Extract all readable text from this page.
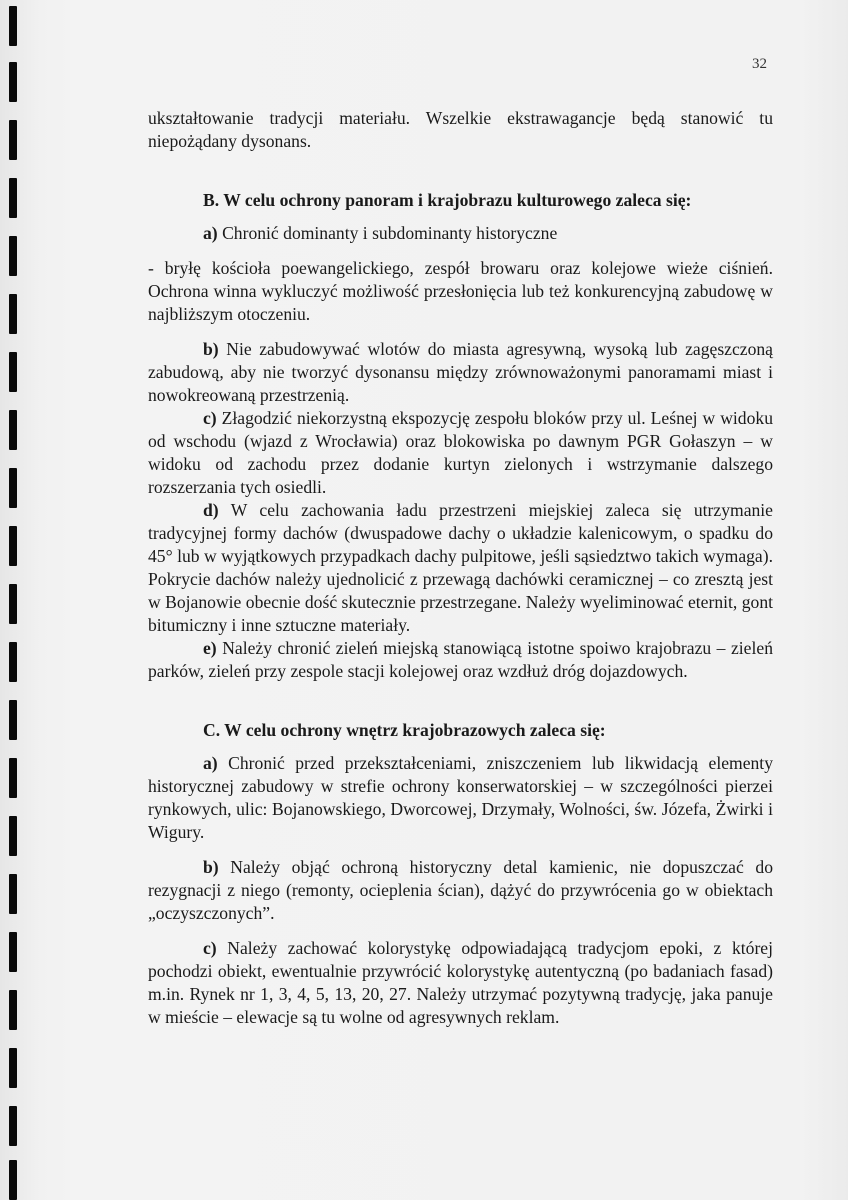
32

ukształtowanie tradycji materiału. Wszelkie ekstrawagancje będą stanowić tu niepożądany dysonans.

B. W celu ochrony panoram i krajobrazu kulturowego zaleca się:

a) Chronić dominanty i subdominanty historyczne

- bryłę kościoła poewangelickiego, zespół browaru oraz kolejowe wieże ciśnień. Ochrona winna wykluczyć możliwość przesłonięcia lub też konkurencyjną zabudowę w najbliższym otoczeniu.

b) Nie zabudowywać wlotów do miasta agresywną, wysoką lub zagęszczoną zabudową, aby nie tworzyć dysonansu między zrównoważonymi panoramami miast i nowokreowaną przestrzenią.

c) Złagodzić niekorzystną ekspozycję zespołu bloków przy ul. Leśnej w widoku od wschodu (wjazd z Wrocławia) oraz blokowiska po dawnym PGR Gołaszyn – w widoku od zachodu przez dodanie kurtyn zielonych i wstrzymanie dalszego rozszerzania tych osiedli.

d) W celu zachowania ładu przestrzeni miejskiej zaleca się utrzymanie tradycyjnej formy dachów (dwuspadowe dachy o układzie kalenicowym, o spadku do 45° lub w wyjątkowych przypadkach dachy pulpitowe, jeśli sąsiedztwo takich wymaga). Pokrycie dachów należy ujednolicić z przewagą dachówki ceramicznej – co zresztą jest w Bojanowie obecnie dość skutecznie przestrzegane. Należy wyeliminować eternit, gont bitumiczny i inne sztuczne materiały.

e) Należy chronić zieleń miejską stanowiącą istotne spoiwo krajobrazu – zieleń parków, zieleń przy zespole stacji kolejowej oraz wzdłuż dróg dojazdowych.

C. W celu ochrony wnętrz krajobrazowych zaleca się:

a) Chronić przed przekształceniami, zniszczeniem lub likwidacją elementy historycznej zabudowy w strefie ochrony konserwatorskiej – w szczególności pierzei rynkowych, ulic: Bojanowskiego, Dworcowej, Drzymały, Wolności, św. Józefa, Żwirki i Wigury.

b) Należy objąć ochroną historyczny detal kamienic, nie dopuszczać do rezygnacji z niego (remonty, ocieplenia ścian), dążyć do przywrócenia go w obiektach „oczyszczonych”.

c) Należy zachować kolorystykę odpowiadającą tradycjom epoki, z której pochodzi obiekt, ewentualnie przywrócić kolorystykę autentyczną (po badaniach fasad) m.in. Rynek nr 1, 3, 4, 5, 13, 20, 27. Należy utrzymać pozytywną tradycję, jaka panuje w mieście – elewacje są tu wolne od agresywnych reklam.
